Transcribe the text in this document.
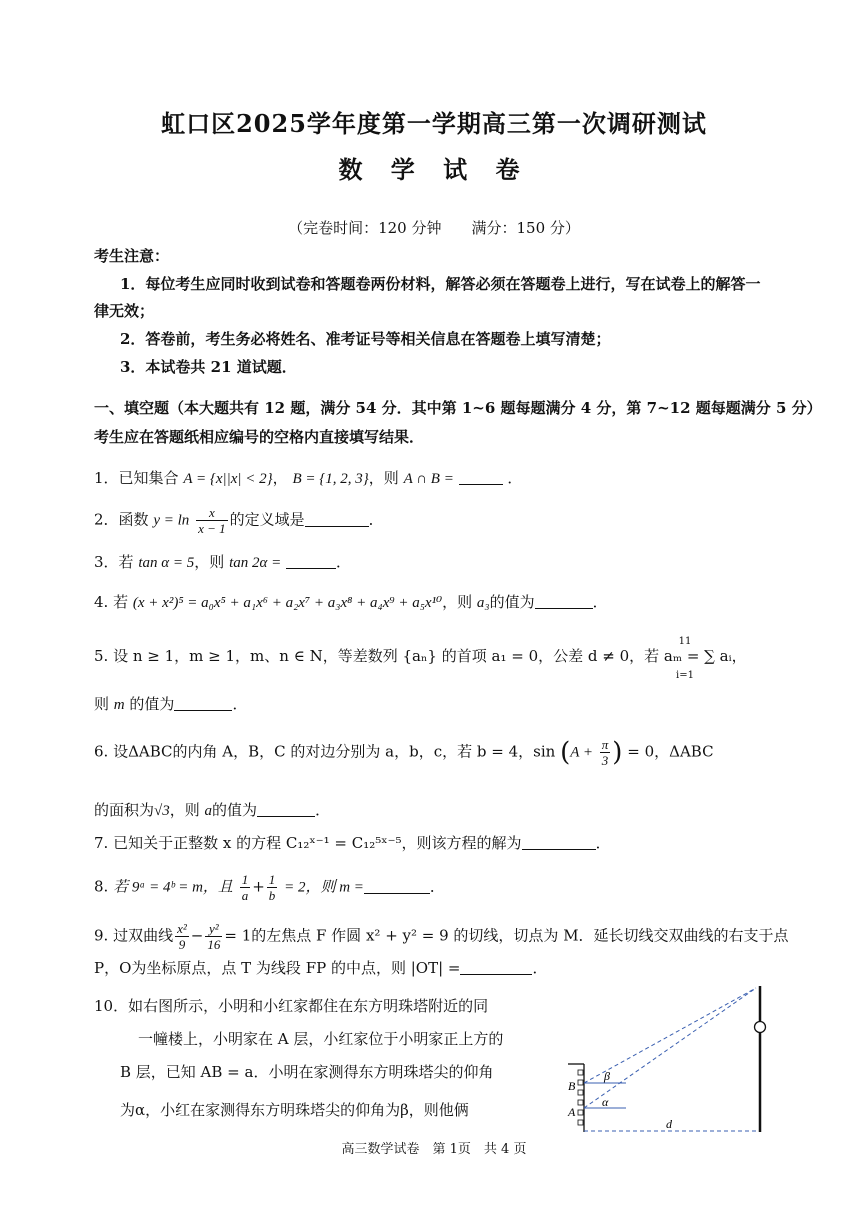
虹口区2025学年度第一学期高三第一次调研测试
数 学 试 卷
（完卷时间：120 分钟　　满分：150 分）
考生注意：
1．每位考生应同时收到试卷和答题卷两份材料，解答必须在答题卷上进行，写在试卷上的解答一
律无效；
2．答卷前，考生务必将姓名、准考证号等相关信息在答题卷上填写清楚；
3．本试卷共 21 道试题．
一、填空题（本大题共有 12 题，满分 54 分．其中第 1~6 题每题满分 4 分，第 7~12 题每题满分 5 分）
考生应在答题纸相应编号的空格内直接填写结果．
1．已知集合 A = {x||x| < 2}， B = {1, 2, 3}，则 A ∩ B =	．
2．函数 $y = \ln \frac{x}{x - 1}$ 的定义域是	．
3．若 tan α = 5，则 tan 2α =	．
4. 若 (x + x²)⁵ = a₀x⁵ + a₁x⁶ + a₂x⁷ + a₃x⁸ + a₄x⁹ + a₅x¹⁰，则 a₃的值为	．
5. 设 n ≥ 1，m ≥ 1，m、n ∈ N，等差数列 {aₙ} 的首项 a₁ = 0，公差 d ≠ 0，若 aₘ = ∑ aᵢ，
11
i=1
则 m 的值为	．
6. 设ΔABC的内角 A，B，C 的对边分别为 a，b，c，若 b = 4，$\sin (A + \frac{\pi}{3}$ ) = 0，ΔABC
的面积为√3，则 a的值为	．
7. 已知关于正整数 x 的方程 C₁₂ˣ⁻¹ = C₁₂⁵ˣ⁻⁵，则该方程的解为	．
8. 若 9ᵃ = 4ᵇ = m，且 $\frac{1}{a} + \frac{1}{b} = 2$，则 m =	．
9. 过双曲线 $\frac{\text{x²}}{9} - \frac{\text{y²}}{16} = 1$的左焦点 F 作圆 x² + y² = 9 的切线，切点为 M．延长切线交双曲线的右支于点
P，O为坐标原点，点 T 为线段 FP 的中点，则 |OT| =	．
10．如右图所示，小明和小红家都住在东方明珠塔附近的同
一幢楼上，小明家在 A 层，小红家位于小明家正上方的
B 层，已知 AB = a．小明在家测得东方明珠塔尖的仰角
为α，小红在家测得东方明珠塔尖的仰角为β，则他俩
B
A
β
α
d
高三数学试卷　第 1页　共 4 页
